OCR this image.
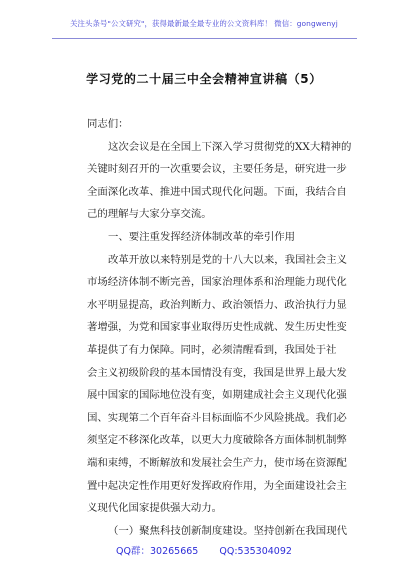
关注头条号"公文研究"，获得最新最全最专业的公文资料库！ 微信：gongwenyj
学习党的二十届三中全会精神宣讲稿（5）

同志们：

这次会议是在全国上下深入学习贯彻党的XX大精神的

关键时刻召开的一次重要会议，主要任务是，研究进一步

全面深化改革、推进中国式现代化问题。下面，我结合自

己的理解与大家分享交流。

一、要注重发挥经济体制改革的牵引作用

改革开放以来特别是党的十八大以来，我国社会主义

市场经济体制不断完善，国家治理体系和治理能力现代化

水平明显提高，政治判断力、政治领悟力、政治执行力显

著增强，为党和国家事业取得历史性成就、发生历史性变

革提供了有力保障。同时，必须清醒看到，我国处于社

会主义初级阶段的基本国情没有变，我国是世界上最大发

展中国家的国际地位没有变，如期建成社会主义现代化强

国、实现第二个百年奋斗目标面临不少风险挑战。我们必

须坚定不移深化改革，以更大力度破除各方面体制机制弊

端和束缚，不断解放和发展社会生产力，使市场在资源配

置中起决定性作用更好发挥政府作用，为全面建设社会主

义现代化国家提供强大动力。

（一）聚焦科技创新制度建设。坚持创新在我国现代

QQ群：30265665 QQ:535304092
